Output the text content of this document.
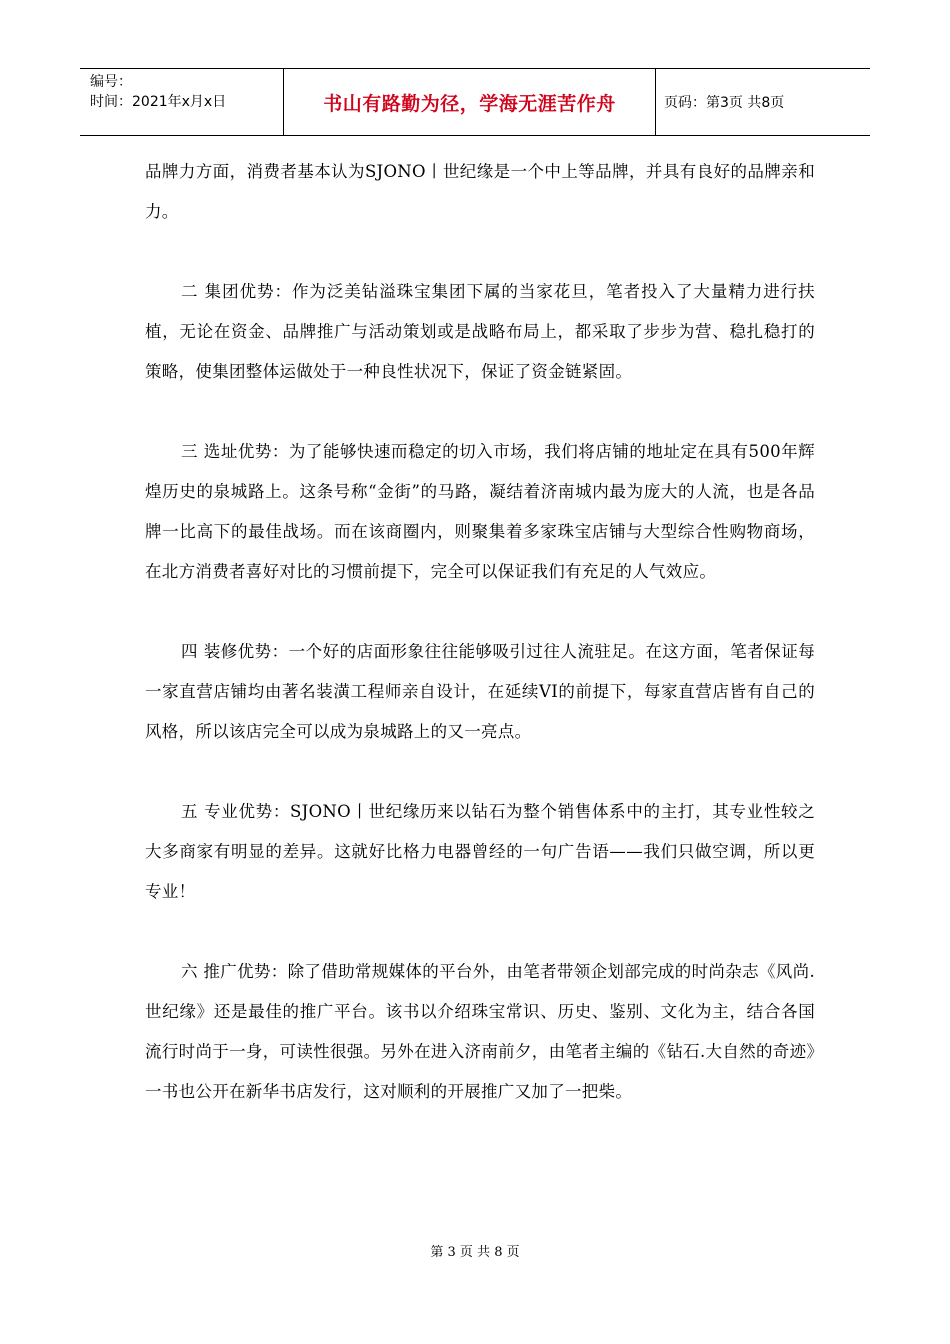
编号：
时间：2021年x月x日	书山有路勤为径，学海无涯苦作舟	页码：第3页 共8页

品牌力方面，消费者基本认为SJONO丨世纪缘是一个中上等品牌，并具有良好的品牌亲和力。

二 集团优势：作为泛美钻溢珠宝集团下属的当家花旦，笔者投入了大量精力进行扶植，无论在资金、品牌推广与活动策划或是战略布局上，都采取了步步为营、稳扎稳打的策略，使集团整体运做处于一种良性状况下，保证了资金链紧固。

三 选址优势：为了能够快速而稳定的切入市场，我们将店铺的地址定在具有500年辉煌历史的泉城路上。这条号称“金街”的马路，凝结着济南城内最为庞大的人流，也是各品牌一比高下的最佳战场。而在该商圈内，则聚集着多家珠宝店铺与大型综合性购物商场，在北方消费者喜好对比的习惯前提下，完全可以保证我们有充足的人气效应。

四 装修优势：一个好的店面形象往往能够吸引过往人流驻足。在这方面，笔者保证每一家直营店铺均由著名装潢工程师亲自设计，在延续VI的前提下，每家直营店皆有自己的风格，所以该店完全可以成为泉城路上的又一亮点。

五 专业优势：SJONO丨世纪缘历来以钻石为整个销售体系中的主打，其专业性较之大多商家有明显的差异。这就好比格力电器曾经的一句广告语——我们只做空调，所以更专业！

六 推广优势：除了借助常规媒体的平台外，由笔者带领企划部完成的时尚杂志《风尚.世纪缘》还是最佳的推广平台。该书以介绍珠宝常识、历史、鉴别、文化为主，结合各国流行时尚于一身，可读性很强。另外在进入济南前夕，由笔者主编的《钻石.大自然的奇迹》一书也公开在新华书店发行，这对顺利的开展推广又加了一把柴。

第 3 页 共 8 页
